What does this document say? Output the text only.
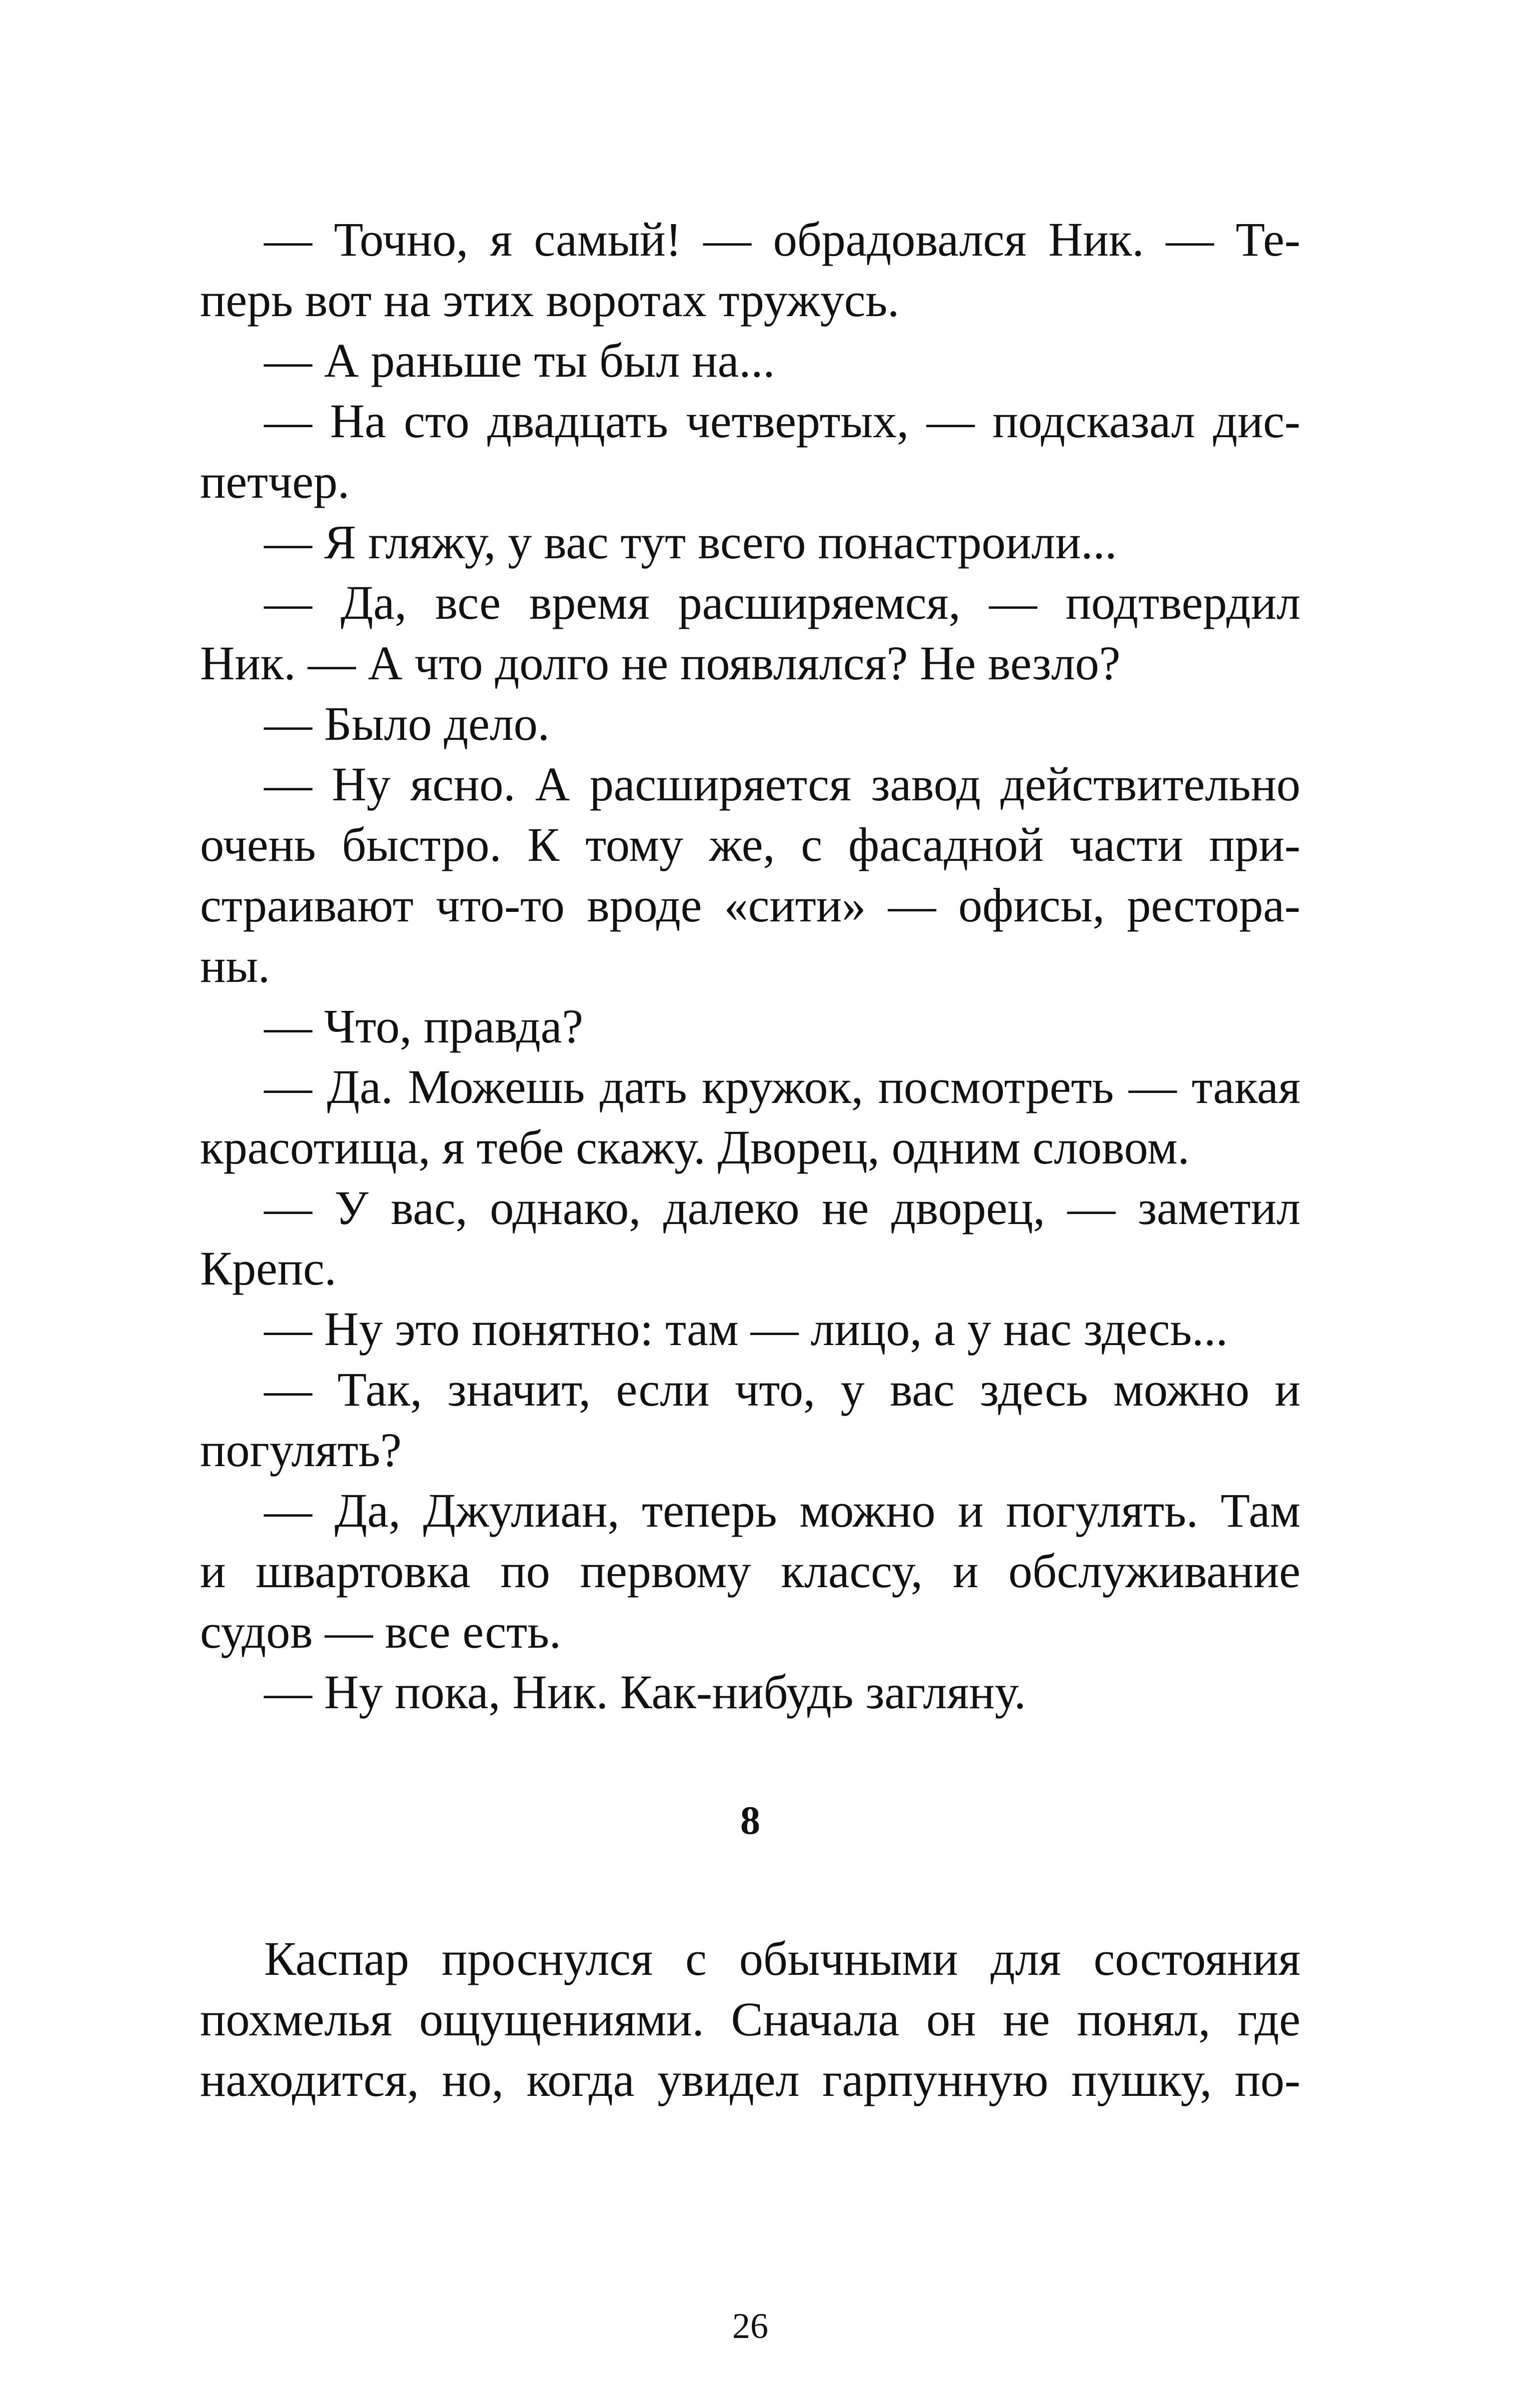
— Точно, я самый! — обрадовался Ник. — Те-
перь вот на этих воротах тружусь.
— А раньше ты был на...
— На сто двадцать четвертых, — подсказал дис-
петчер.
— Я гляжу, у вас тут всего понастроили...
— Да, все время расширяемся, — подтвердил
Ник. — А что долго не появлялся? Не везло?
— Было дело.
— Ну ясно. А расширяется завод действительно
очень быстро. К тому же, с фасадной части при-
страивают что-то вроде «сити» — офисы, рестора-
ны.
— Что, правда?
— Да. Можешь дать кружок, посмотреть — такая
красотища, я тебе скажу. Дворец, одним словом.
— У вас, однако, далеко не дворец, — заметил
Крепс.
— Ну это понятно: там — лицо, а у нас здесь...
— Так, значит, если что, у вас здесь можно и
погулять?
— Да, Джулиан, теперь можно и погулять. Там
и швартовка по первому классу, и обслуживание
судов — все есть.
— Ну пока, Ник. Как-нибудь загляну.
8
Каспар проснулся с обычными для состояния
похмелья ощущениями. Сначала он не понял, где
находится, но, когда увидел гарпунную пушку, по-
26
